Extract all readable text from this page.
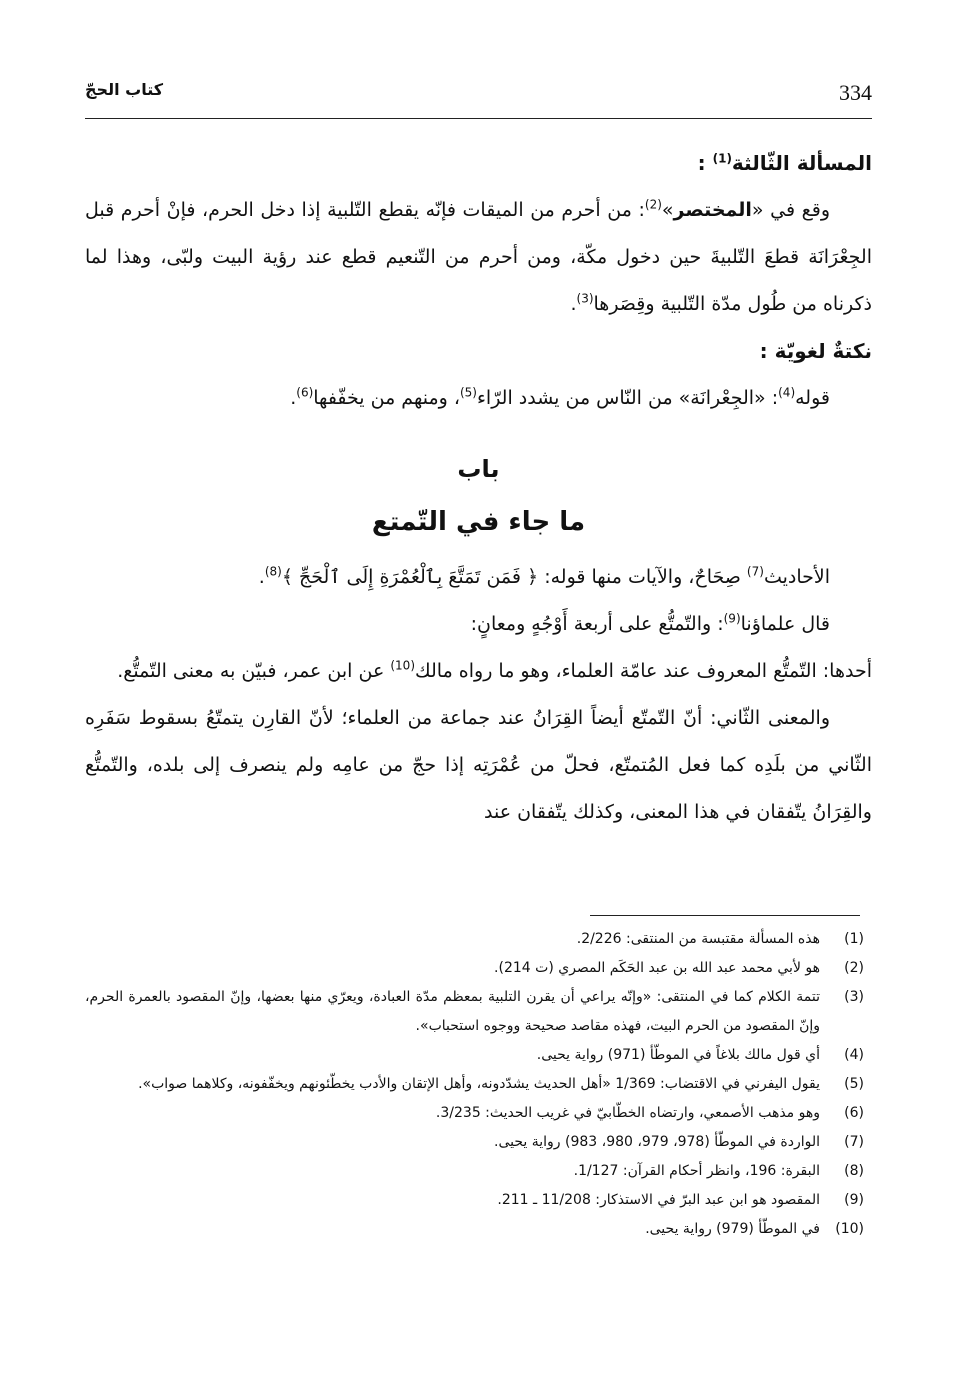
334
كتاب الحجّ

المسألة الثّالثة$^{(1)}$ :

وقع في «المختصر»$^{(2)}$: من أحرم من الميقات فإنّه يقطع التّلبية إذا دخل الحرم، فإنْ أحرم قبل الجِعْرَانَة قطعَ التّلبيةَ حين دخول مكّة، ومن أحرم من التّنعيم قطع عند رؤية البيت ولبّى، وهذا لما ذكرناه من طُول مدّة التّلبية وقِصَرها$^{(3)}$.

نكتةٌ لغويّة :

قوله$^{(4)}$: «الجِعْرانَة» من النّاس من يشدد الرّاء$^{(5)}$، ومنهم من يخفّفها$^{(6)}$.

باب
ما جاء في التّمتع

الأحاديث$^{(7)}$ صِحَاحٌ، والآيات منها قوله: ﴿ فَمَن تَمَتَّعَ بِٱلْعُمْرَةِ إِلَى ٱلْحَجِّ ﴾$^{(8)}$.

قال علماؤنا$^{(9)}$: والتّمتُّع على أربعة أَوْجُهٍ ومعانٍ:

أحدها: التّمتُّع المعروف عند عامّة العلماء، وهو ما رواه مالك$^{(10)}$ عن ابن عمر، فبيّن به معنى التّمتُّع.

والمعنى الثّاني: أنّ التّمتّع أيضاً القِرَانُ عند جماعة من العلماء؛ لأنّ القارِن يتمتّعُ بسقوط سَفَرِه الثّاني من بلَدِه كما فعل المُتمتّع، فحلّ من عُمْرَتِه إذا حجّ من عامِه ولم ينصرف إلى بلده، والتّمتُّع والقِرَانُ يتّفقان في هذا المعنى، وكذلك يتّفقان عند

(1)
هذه المسألة مقتبسة من المنتقى: 2/226.
(2)
هو لأبي محمد عبد الله بن عبد الحَكَم المصري (ت 214).
(3)
تتمة الكلام كما في المنتقى: «وإنّه يراعي أن يقرن التلبية بمعظم مدّة العبادة، ويعرّي منها بعضها، وإنّ المقصود بالعمرة الحرم، وإنّ المقصود من الحرم البيت، فهذه مقاصد صحيحة ووجوه استحباب».
(4)
أي قول مالك بلاغاً في الموطّأ (971) رواية يحيى.
(5)
يقول اليفرني في الاقتضاب: 1/369 «أهل الحديث يشدّدونه، وأهل الإتقان والأدب يخطّئونهم ويخفّفونه، وكلاهما صواب».
(6)
وهو مذهب الأصمعي، وارتضاه الخطّابيّ في غريب الحديث: 3/235.
(7)
الواردة في الموطّأ (978، 979، 980، 983) رواية يحيى.
(8)
البقرة: 196، وانظر أحكام القرآن: 1/127.
(9)
المقصود هو ابن عبد البرّ في الاستذكار: 11/208 ـ 211.
(10)
في الموطّأ (979) رواية يحيى.
